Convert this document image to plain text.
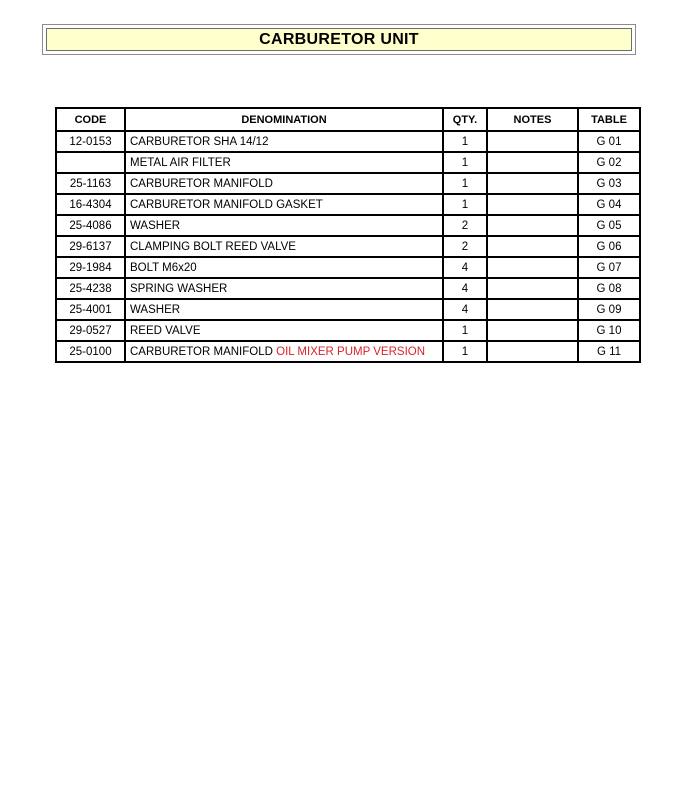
CARBURETOR UNIT
CODE	DENOMINATION	QTY.	NOTES	TABLE
12-0153	CARBURETOR SHA 14/12	1		G 01
	METAL AIR FILTER	1		G 02
25-1163	CARBURETOR MANIFOLD	1		G 03
16-4304	CARBURETOR MANIFOLD GASKET	1		G 04
25-4086	WASHER	2		G 05
29-6137	CLAMPING BOLT REED VALVE	2		G 06
29-1984	BOLT M6x20	4		G 07
25-4238	SPRING WASHER	4		G 08
25-4001	WASHER	4		G 09
29-0527	REED VALVE	1		G 10
25-0100	CARBURETOR MANIFOLD OIL MIXER PUMP VERSION	1		G 11
